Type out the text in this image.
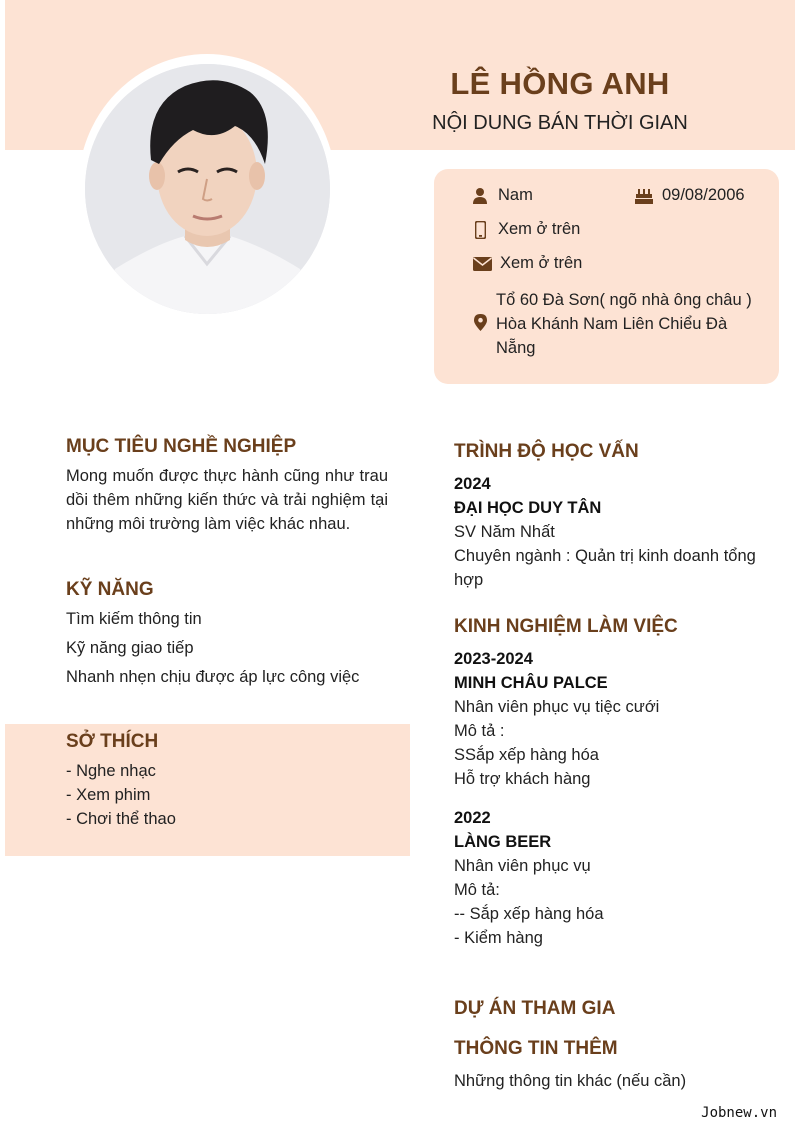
LÊ HỒNG ANH
NỘI DUNG BÁN THỜI GIAN
Nam	09/08/2006
Xem ở trên
Xem ở trên
Tổ 60 Đà Sơn( ngõ nhà ông châu ) Hòa Khánh Nam Liên Chiểu Đà Nẵng
MỤC TIÊU NGHỀ NGHIỆP
Mong muốn được thực hành cũng như trau dồi thêm những kiến thức và trải nghiệm tại những môi trường làm việc khác nhau.
KỸ NĂNG
Tìm kiếm thông tin
Kỹ năng giao tiếp
Nhanh nhẹn chịu được áp lực công việc
SỞ THÍCH
- Nghe nhạc
- Xem phim
- Chơi thể thao
TRÌNH ĐỘ HỌC VẤN
2024
ĐẠI HỌC DUY TÂN
SV Năm Nhất
Chuyên ngành : Quản trị kinh doanh tổng hợp
KINH NGHIỆM LÀM VIỆC
2023-2024
MINH CHÂU PALCE
Nhân viên phục vụ tiệc cưới
Mô tả :
SSắp xếp hàng hóa
Hỗ trợ khách hàng
2022
LÀNG BEER
Nhân viên phục vụ
Mô tả:
-- Sắp xếp hàng hóa
- Kiểm hàng
DỰ ÁN THAM GIA
THÔNG TIN THÊM
Những thông tin khác (nếu cần)
Jobnew.vn
